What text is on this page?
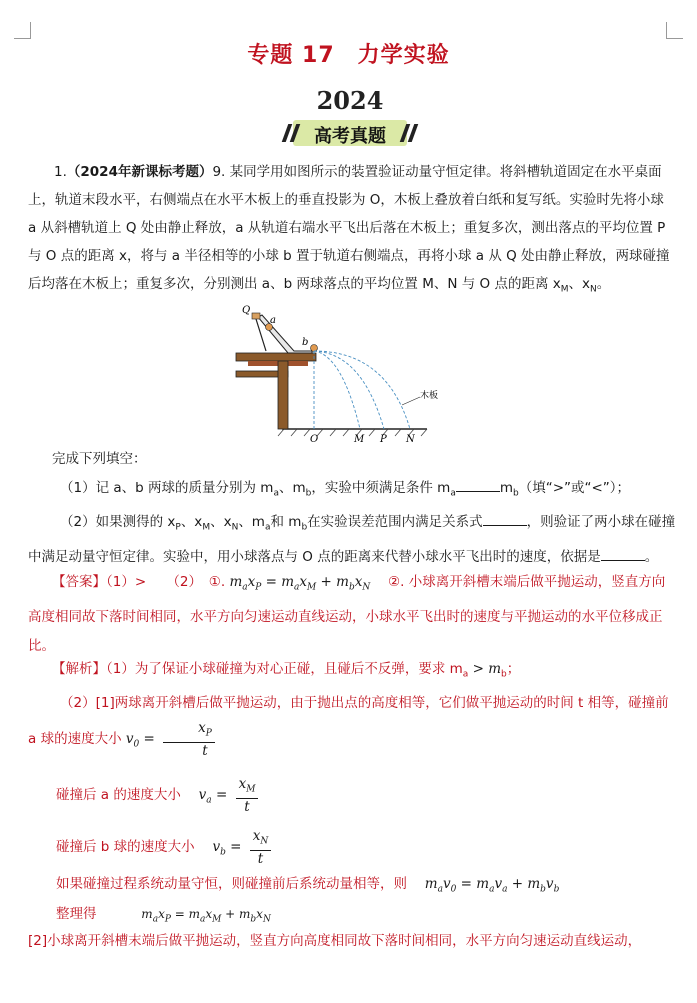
专题 17　力学实验
2024
高考真题
1.（2024年新课标考题）9. 某同学用如图所示的装置验证动量守恒定律。将斜槽轨道固定在水平桌面上，轨道末段水平，右侧端点在水平木板上的垂直投影为 O，木板上叠放着白纸和复写纸。实验时先将小球 a 从斜槽轨道上 Q 处由静止释放，a 从轨道右端水平飞出后落在木板上；重复多次，测出落点的平均位置 P 与 O 点的距离 x，将与 a 半径相等的小球 b 置于轨道右侧端点，再将小球 a 从 Q 处由静止释放，两球碰撞后均落在木板上；重复多次，分别测出 a、b 两球落点的平均位置 M、N 与 O 点的距离 $x_M$、$x_N$。
Q
a
b
O	M P N
木板
完成下列填空：
（1）记 a、b 两球的质量分别为 $m_a$、$m_b$，实验中须满足条件 $m_a$	$m_b$（填“>”或“<”）；
（2）如果测得的 $x_P$、$x_M$、$x_N$、$m_a$和 $m_b$在实验误差范围内满足关系式	，则验证了两小球在碰撞中满足动量守恒定律。实验中，用小球落点与 O 点的距离来代替小球水平飞出时的速度，依据是	。
【答案】（1）>　　 （2）　 ①. $m_ax_P = m_ax_M + m_bx_N$　 ②. 小球离开斜槽末端后做平抛运动，竖直方向高度相同故下落时间相同，水平方向匀速运动直线运动，小球水平飞出时的速度与平抛运动的水平位移成正比。
【解析】（1）为了保证小球碰撞为对心正碰，且碰后不反弹，要求 $m_a > m_b$；
（2）[1]两球离开斜槽后做平抛运动，由于抛出点的高度相等，它们做平抛运动的时间 t 相等，碰撞前 a 球的速度大小 $v_0 = \frac{x_P}{t}$
碰撞后 a 的速度大小　 $v_a = \frac{x_M}{t}$
碰撞后 b 球的速度大小　 $v_b = \frac{x_N}{t}$
如果碰撞过程系统动量守恒，则碰撞前后系统动量相等，则　 $m_av_0 = m_av_a + m_bv_b$
整理得　　　	$m_ax_P = m_ax_M + m_bx_N$
[2]小球离开斜槽末端后做平抛运动，竖直方向高度相同故下落时间相同，水平方向匀速运动直线运动，
